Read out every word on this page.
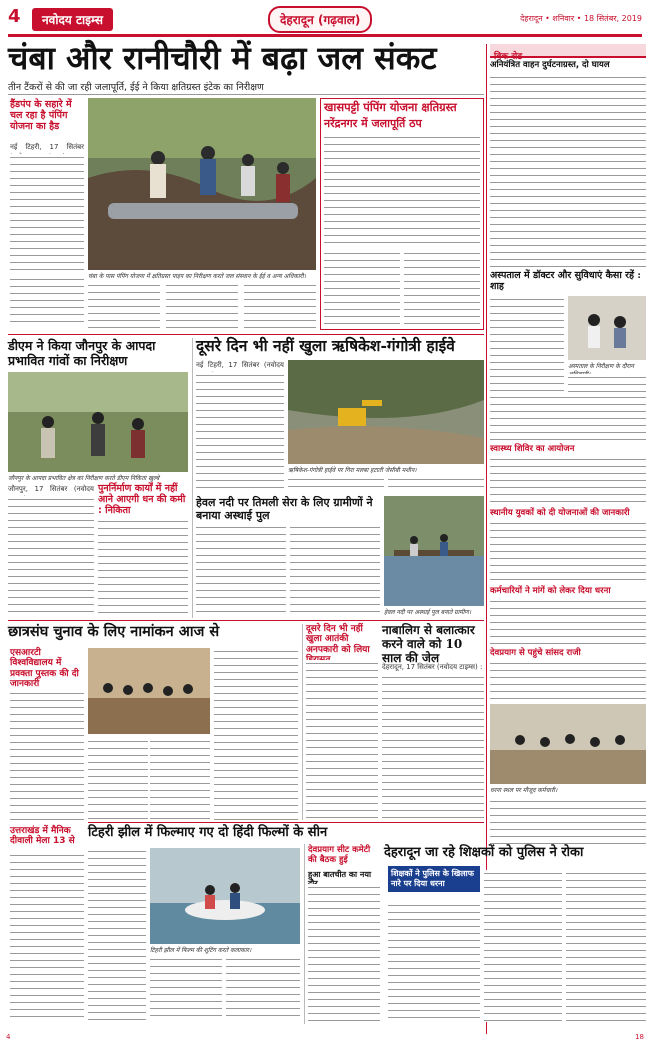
4	नवोदय टाइम्स	देहरादून (गढ़वाल)	देहरादून • शनिवार • 18 सितंबर, 2019
चंबा और रानीचौरी में बढ़ा जल संकट
तीन टैंकरों से की जा रही जलापूर्ति, ईई ने किया क्षतिग्रस्त इंटेक का निरीक्षण
हैंडपंप के सहारे में चल रहा है पंपिंग योजना का हैड
नई टिहरी, 17 सितंबर
चंबा के पास पंपिंग योजना में क्षतिग्रस्त पाइप का निरीक्षण करते जल संस्थान के ईई व अन्य अधिकारी।
खासपट्टी पंपिंग योजना क्षतिग्रस्त
नरेंद्रनगर में जलापूर्ति ठप
डीएम ने किया जौनपुर के आपदा प्रभावित गांवों का निरीक्षण
जौनपुर के आपदा प्रभावित क्षेत्र का निरीक्षण करते डीएम निकिता खुल्बे
जौनपुर, 17 सितंबर (नवोदय पुनर्निर्माण कार्यों में नहीं आने आएगी धन की कमी : निकिता
दूसरे दिन भी नहीं खुला ऋषिकेश-गंगोत्री हाईवे
नई टिहरी, 17 सितंबर (नवोदय
ऋषिकेश-गंगोत्री हाईवे पर गिरा मलबा हटाती जेसीबी मशीन।
हेवल नदी पर तिमली सेरा के लिए ग्रामीणों ने बनाया अस्थाई पुल
हेवल नदी पर अस्थाई पुल बनाते ग्रामीण।
छात्रसंघ चुनाव के लिए नामांकन आज से
एसआरटी विश्वविद्यालय में प्रवक्ता पुस्तक की दी जानकारी
दूसरे दिन भी नहीं खुला आतंकी अनपकारी को लिया
नाबालिग से बलात्कार करने वाले को 10 साल की जेल
देहरादून, 17 सितंबर (नवोदय टाइम्स) :
उत्तराखंड में मैनिक दीवाली मेला 13 से
टिहरी झील में फिल्माए गए दो हिंदी फिल्मों के सीन
टिहरी झील में फिल्म की शूटिंग करते कलाकार।
देवप्रयाग सीट कमेटी की बैठक हुई
हुआ बातचीत का नया
देहरादून जा रहे शिक्षकों को पुलिस ने रोका
शिक्षकों ने पुलिस के खिलाफ नारे पर दिया धरना
विक रोड
अनियंत्रित वाहन दुर्घटनाग्रस्त, दो घायल
अस्पताल में डॉक्टर और सुविधाएं कैसा रहें : शाह
अस्पताल के निरीक्षण के दौरान
स्वास्थ्य शिविर का आयोजन
स्थानीय युवकों को दी योजनाओं की जानकारी
कर्मचारियों ने मांगें को लेकर दिया धरना
देवप्रयाग से पहुंचे सांसद राजी
धरना स्थल पर मौजूद कर्मचारी।
4	18
